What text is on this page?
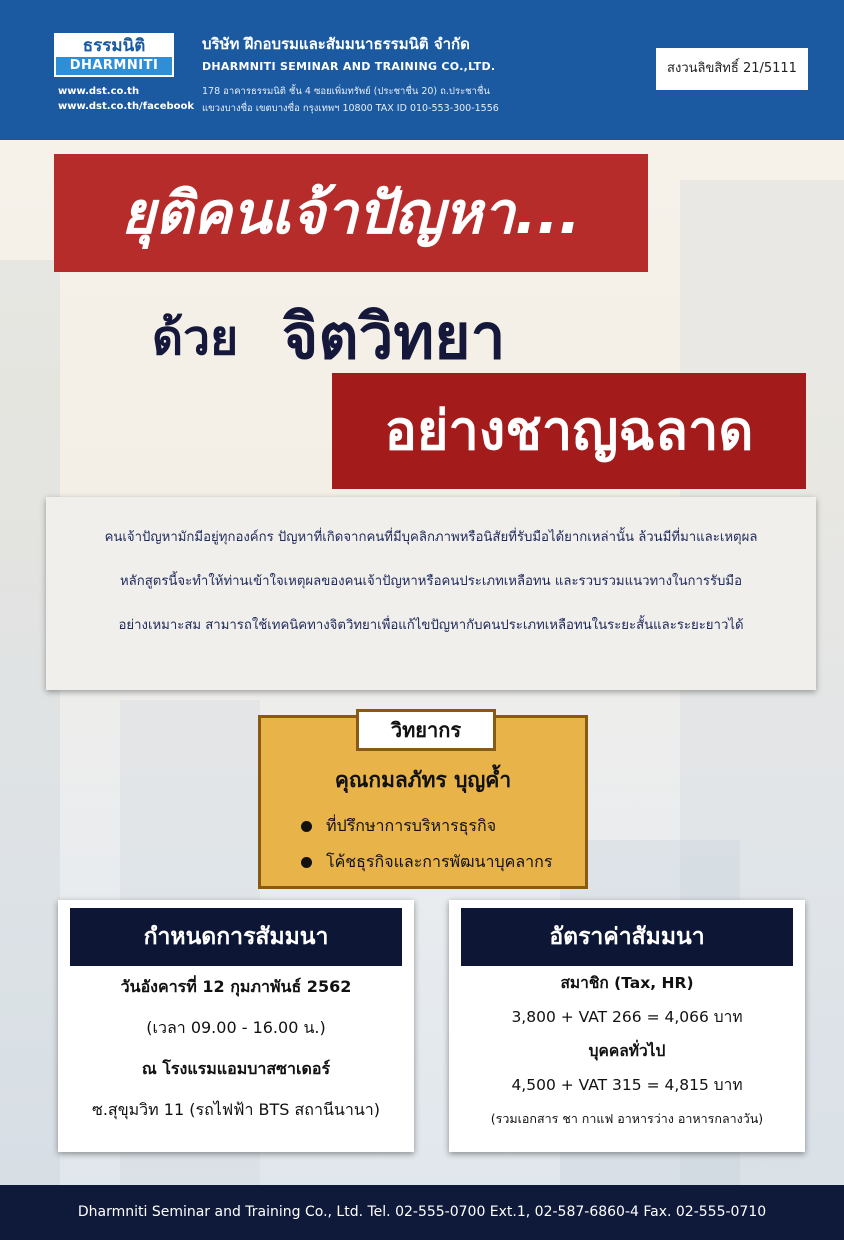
ธรรมนิติ
DHARMNITI
www.dst.co.th
www.dst.co.th/facebook
บริษัท ฝึกอบรมและสัมมนาธรรมนิติ จำกัด
DHARMNITI SEMINAR AND TRAINING CO.,LTD.
178 อาคารธรรมนิติ ชั้น 4 ซอยเพิ่มทรัพย์ (ประชาชื่น 20) ถ.ประชาชื่น
แขวงบางซื่อ เขตบางซื่อ กรุงเทพฯ 10800 TAX ID 010-553-300-1556
สงวนลิขสิทธิ์ 21/5111
ยุติคนเจ้าปัญหา...
ด้วย จิตวิทยา
อย่างชาญฉลาด

คนเจ้าปัญหามักมีอยู่ทุกองค์กร ปัญหาที่เกิดจากคนที่มีบุคลิกภาพหรือนิสัยที่รับมือได้ยากเหล่านั้น ล้วนมีที่มาและเหตุผล

หลักสูตรนี้จะทำให้ท่านเข้าใจเหตุผลของคนเจ้าปัญหาหรือคนประเภทเหลือทน และรวบรวมแนวทางในการรับมือ

อย่างเหมาะสม สามารถใช้เทคนิคทางจิตวิทยาเพื่อแก้ไขปัญหากับคนประเภทเหลือทนในระยะสั้นและระยะยาวได้

วิทยากร
คุณกมลภัทร บุญค้ำ
ที่ปรึกษาการบริหารธุรกิจ
โค้ชธุรกิจและการพัฒนาบุคลากร
กำหนดการสัมมนา
วันอังคารที่ 12 กุมภาพันธ์ 2562
(เวลา 09.00 - 16.00 น.)
ณ โรงแรมแอมบาสซาเดอร์
ซ.สุขุมวิท 11 (รถไฟฟ้า BTS สถานีนานา)
อัตราค่าสัมมนา
สมาชิก (Tax, HR)
3,800 + VAT 266 = 4,066 บาท
บุคคลทั่วไป
4,500 + VAT 315 = 4,815 บาท
(รวมเอกสาร ชา กาแฟ อาหารว่าง อาหารกลางวัน)
Dharmniti Seminar and Training Co., Ltd. Tel. 02-555-0700 Ext.1, 02-587-6860-4 Fax. 02-555-0710
